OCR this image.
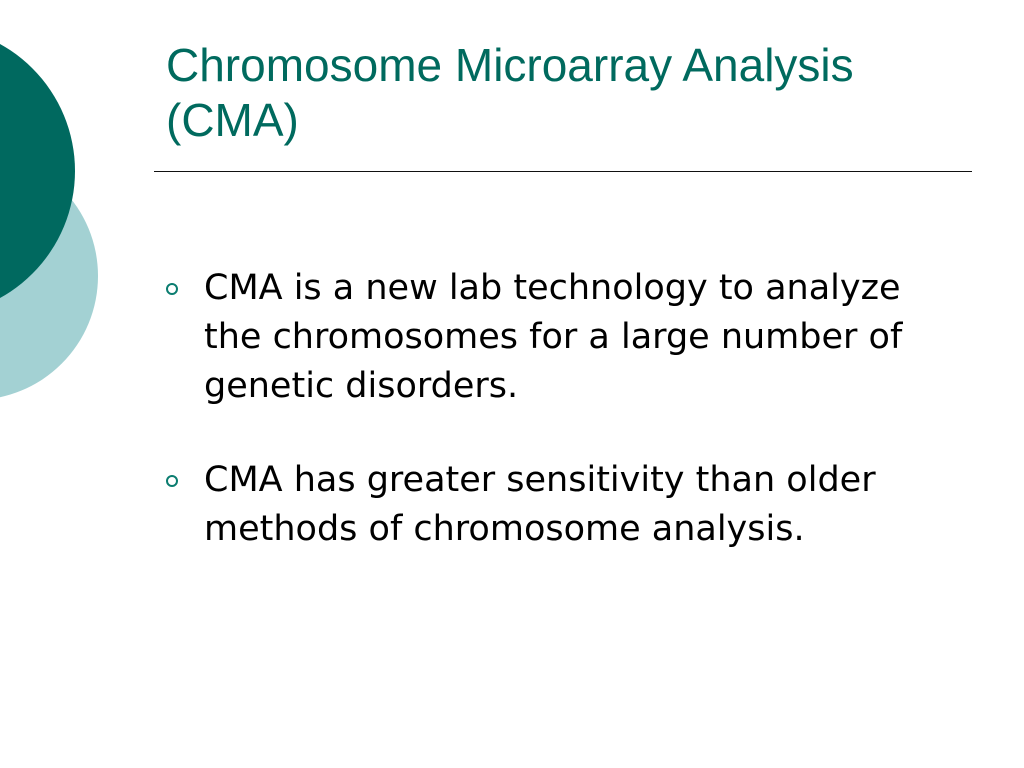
Chromosome Microarray Analysis (CMA)
CMA is a new lab technology to analyze the chromosomes for a large number of genetic disorders.
CMA has greater sensitivity than older methods of chromosome analysis.
